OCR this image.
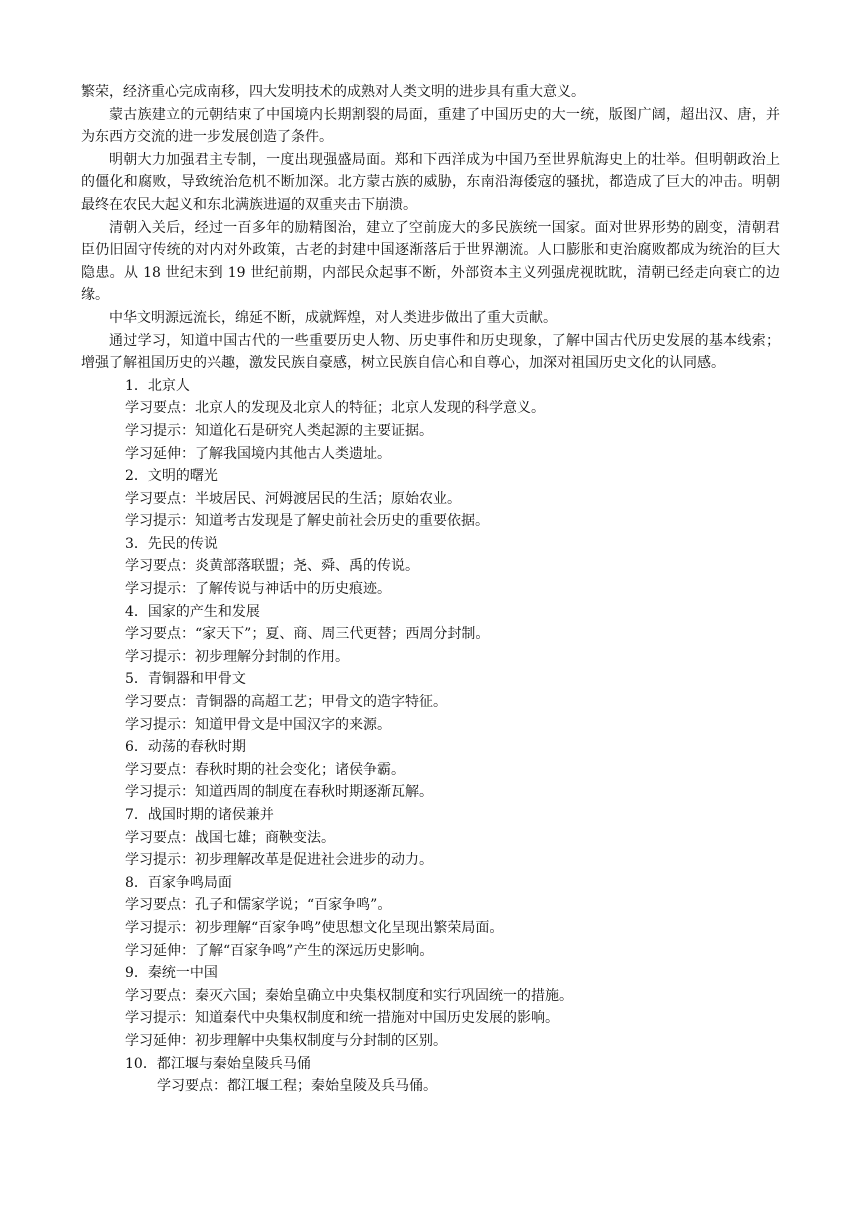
繁荣，经济重心完成南移，四大发明技术的成熟对人类文明的进步具有重大意义。

蒙古族建立的元朝结束了中国境内长期割裂的局面，重建了中国历史的大一统，版图广阔，超出汉、唐，并为东西方交流的进一步发展创造了条件。

明朝大力加强君主专制，一度出现强盛局面。郑和下西洋成为中国乃至世界航海史上的壮举。但明朝政治上的僵化和腐败，导致统治危机不断加深。北方蒙古族的威胁，东南沿海倭寇的骚扰，都造成了巨大的冲击。明朝最终在农民大起义和东北满族进逼的双重夹击下崩溃。

清朝入关后，经过一百多年的励精图治，建立了空前庞大的多民族统一国家。面对世界形势的剧变，清朝君臣仍旧固守传统的对内对外政策，古老的封建中国逐渐落后于世界潮流。人口膨胀和吏治腐败都成为统治的巨大隐患。从 18 世纪末到 19 世纪前期，内部民众起事不断，外部资本主义列强虎视眈眈，清朝已经走向衰亡的边缘。

中华文明源远流长，绵延不断，成就辉煌，对人类进步做出了重大贡献。

通过学习，知道中国古代的一些重要历史人物、历史事件和历史现象，了解中国古代历史发展的基本线索；增强了解祖国历史的兴趣，激发民族自豪感，树立民族自信心和自尊心，加深对祖国历史文化的认同感。

1．北京人

学习要点：北京人的发现及北京人的特征；北京人发现的科学意义。

学习提示：知道化石是研究人类起源的主要证据。

学习延伸：了解我国境内其他古人类遗址。

2．文明的曙光

学习要点：半坡居民、河姆渡居民的生活；原始农业。

学习提示：知道考古发现是了解史前社会历史的重要依据。

3．先民的传说

学习要点：炎黄部落联盟；尧、舜、禹的传说。

学习提示：了解传说与神话中的历史痕迹。

4．国家的产生和发展

学习要点：“家天下”；夏、商、周三代更替；西周分封制。

学习提示：初步理解分封制的作用。

5．青铜器和甲骨文

学习要点：青铜器的高超工艺；甲骨文的造字特征。

学习提示：知道甲骨文是中国汉字的来源。

6．动荡的春秋时期

学习要点：春秋时期的社会变化；诸侯争霸。

学习提示：知道西周的制度在春秋时期逐渐瓦解。

7．战国时期的诸侯兼并

学习要点：战国七雄；商鞅变法。

学习提示：初步理解改革是促进社会进步的动力。

8．百家争鸣局面

学习要点：孔子和儒家学说；“百家争鸣”。

学习提示：初步理解“百家争鸣”使思想文化呈现出繁荣局面。

学习延伸：了解“百家争鸣”产生的深远历史影响。

9．秦统一中国

学习要点：秦灭六国；秦始皇确立中央集权制度和实行巩固统一的措施。

学习提示：知道秦代中央集权制度和统一措施对中国历史发展的影响。

学习延伸：初步理解中央集权制度与分封制的区别。

10．都江堰与秦始皇陵兵马俑

学习要点：都江堰工程；秦始皇陵及兵马俑。
